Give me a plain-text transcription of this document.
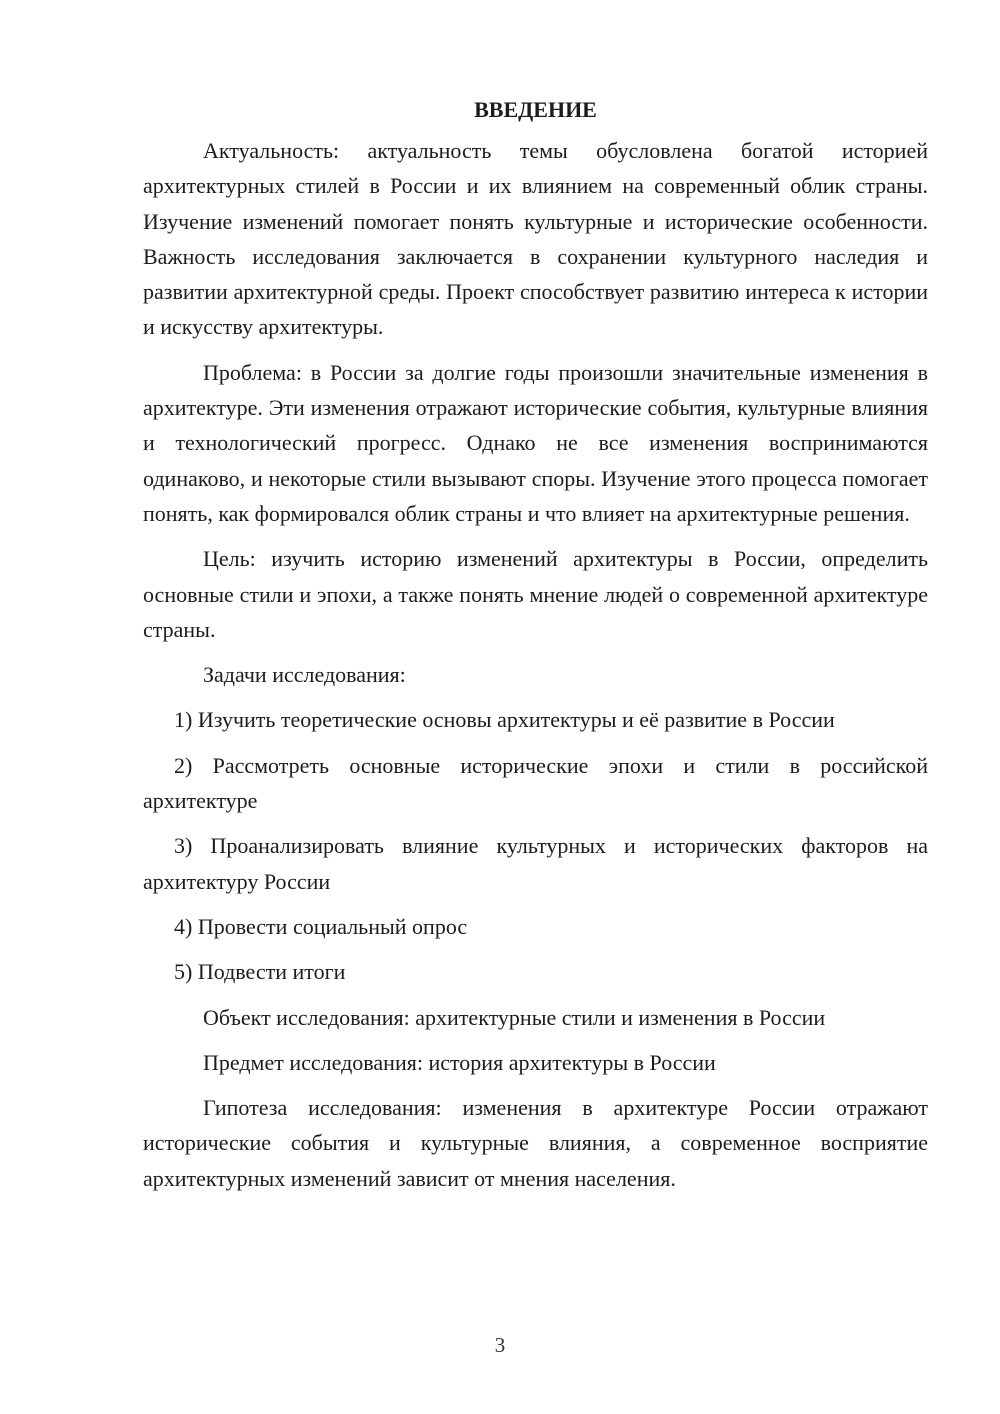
ВВЕДЕНИЕ

Актуальность: актуальность темы обусловлена богатой историей архитектурных стилей в России и их влиянием на современный облик страны. Изучение изменений помогает понять культурные и исторические особенности. Важность исследования заключается в сохранении культурного наследия и развитии архитектурной среды. Проект способствует развитию интереса к истории и искусству архитектуры.

Проблема: в России за долгие годы произошли значительные изменения в архитектуре. Эти изменения отражают исторические события, культурные влияния и технологический прогресс. Однако не все изменения воспринимаются одинаково, и некоторые стили вызывают споры. Изучение этого процесса помогает понять, как формировался облик страны и что влияет на архитектурные решения.

Цель: изучить историю изменений архитектуры в России, определить основные стили и эпохи, а также понять мнение людей о современной архитектуре страны.

Задачи исследования:

1) Изучить теоретические основы архитектуры и её развитие в России

2) Рассмотреть основные исторические эпохи и стили в российской архитектуре

3) Проанализировать влияние культурных и исторических факторов на архитектуру России

4) Провести социальный опрос

5) Подвести итоги

Объект исследования: архитектурные стили и изменения в России

Предмет исследования: история архитектуры в России

Гипотеза исследования: изменения в архитектуре России отражают исторические события и культурные влияния, а современное восприятие архитектурных изменений зависит от мнения населения.

3
